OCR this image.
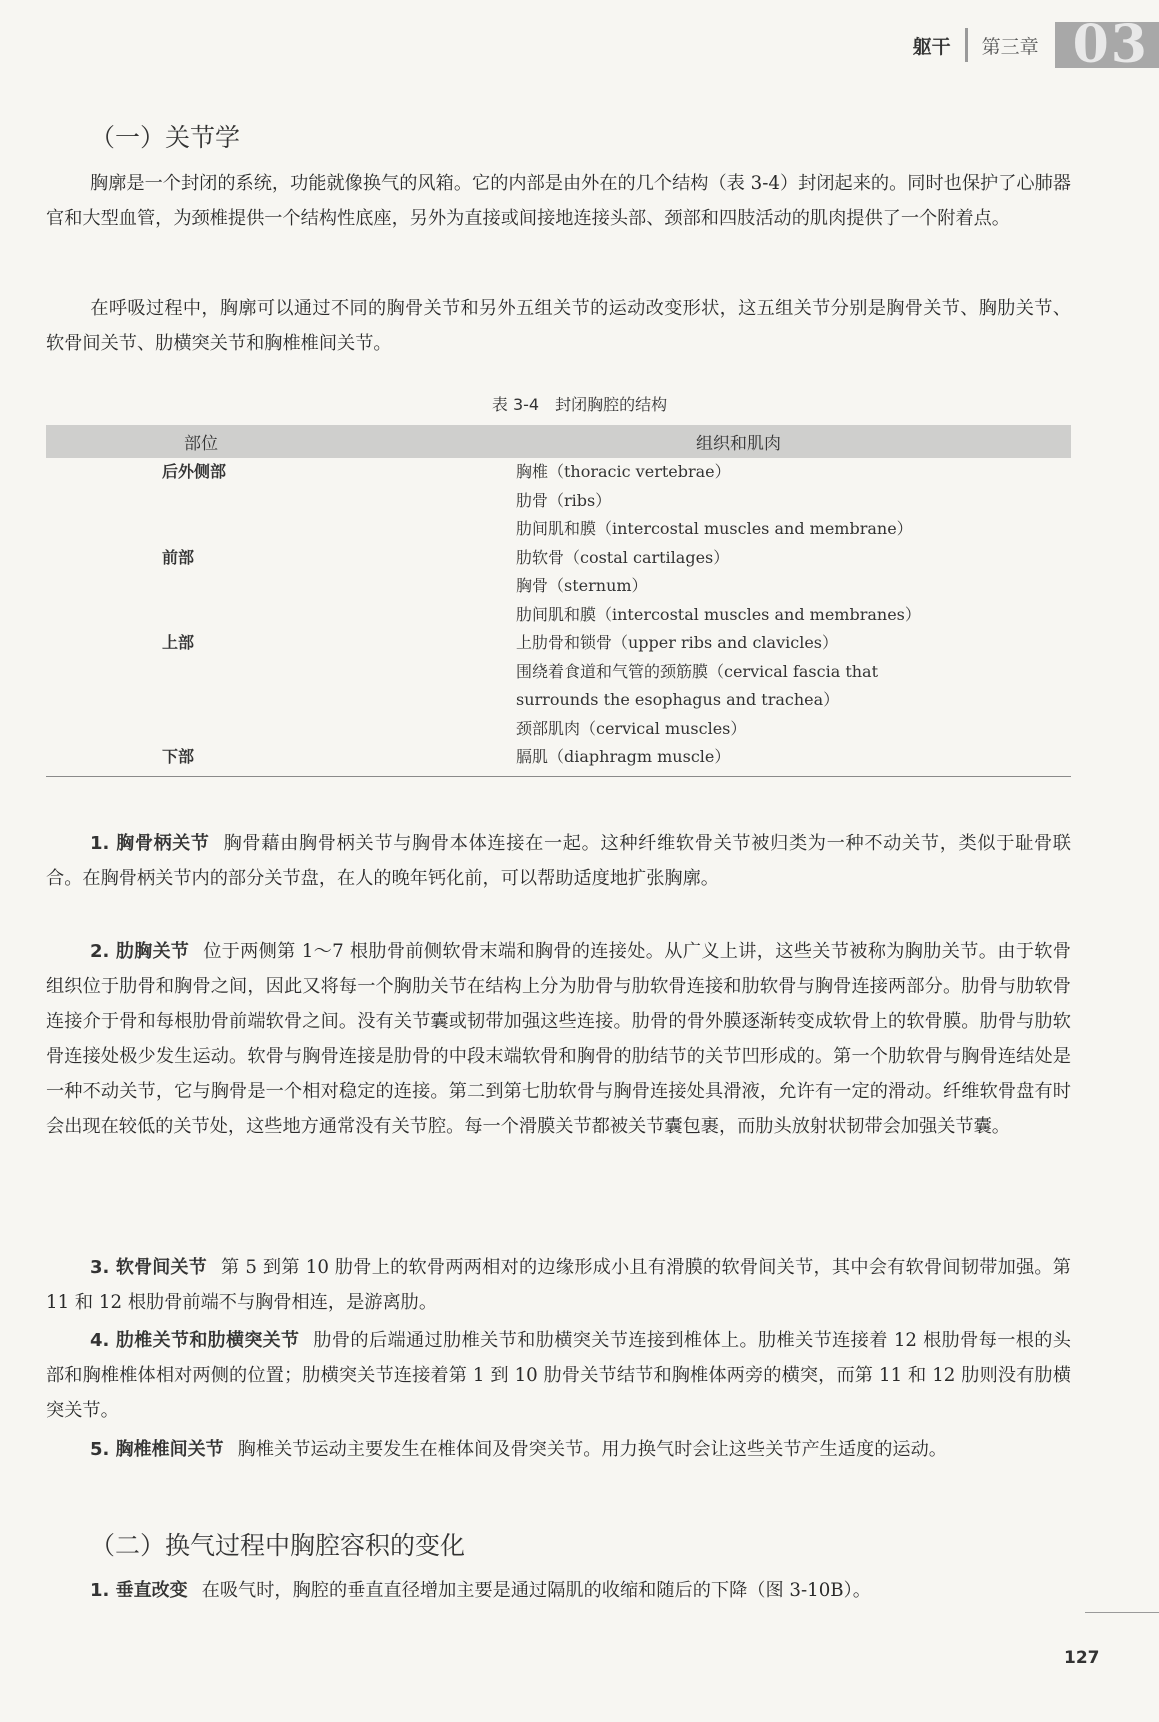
躯干 第三章 03
（一）关节学

胸廓是一个封闭的系统，功能就像换气的风箱。它的内部是由外在的几个结构（表 3-4）封闭起来的。同时也保护了心肺器官和大型血管，为颈椎提供一个结构性底座，另外为直接或间接地连接头部、颈部和四肢活动的肌肉提供了一个附着点。

在呼吸过程中，胸廓可以通过不同的胸骨关节和另外五组关节的运动改变形状，这五组关节分别是胸骨关节、胸肋关节、软骨间关节、肋横突关节和胸椎椎间关节。

表 3-4 封闭胸腔的结构
部位	组织和肌肉
后外侧部	胸椎（thoracic vertebrae）
肋骨（ribs）
肋间肌和膜（intercostal muscles and membrane）
前部	肋软骨（costal cartilages）
胸骨（sternum）
肋间肌和膜（intercostal muscles and membranes）
上部	上肋骨和锁骨（upper ribs and clavicles）
围绕着食道和气管的颈筋膜（cervical fascia that
surrounds the esophagus and trachea）
颈部肌肉（cervical muscles）
下部	膈肌（diaphragm muscle）

1. 胸骨柄关节 胸骨藉由胸骨柄关节与胸骨本体连接在一起。这种纤维软骨关节被归类为一种不动关节，类似于耻骨联合。在胸骨柄关节内的部分关节盘，在人的晚年钙化前，可以帮助适度地扩张胸廓。

2. 肋胸关节 位于两侧第 1～7 根肋骨前侧软骨末端和胸骨的连接处。从广义上讲，这些关节被称为胸肋关节。由于软骨组织位于肋骨和胸骨之间，因此又将每一个胸肋关节在结构上分为肋骨与肋软骨连接和肋软骨与胸骨连接两部分。肋骨与肋软骨连接介于骨和每根肋骨前端软骨之间。没有关节囊或韧带加强这些连接。肋骨的骨外膜逐渐转变成软骨上的软骨膜。肋骨与肋软骨连接处极少发生运动。软骨与胸骨连接是肋骨的中段末端软骨和胸骨的肋结节的关节凹形成的。第一个肋软骨与胸骨连结处是一种不动关节，它与胸骨是一个相对稳定的连接。第二到第七肋软骨与胸骨连接处具滑液，允许有一定的滑动。纤维软骨盘有时会出现在较低的关节处，这些地方通常没有关节腔。每一个滑膜关节都被关节囊包裹，而肋头放射状韧带会加强关节囊。

3. 软骨间关节 第 5 到第 10 肋骨上的软骨两两相对的边缘形成小且有滑膜的软骨间关节，其中会有软骨间韧带加强。第 11 和 12 根肋骨前端不与胸骨相连，是游离肋。

4. 肋椎关节和肋横突关节 肋骨的后端通过肋椎关节和肋横突关节连接到椎体上。肋椎关节连接着 12 根肋骨每一根的头部和胸椎椎体相对两侧的位置；肋横突关节连接着第 1 到 10 肋骨关节结节和胸椎体两旁的横突，而第 11 和 12 肋则没有肋横突关节。

5. 胸椎椎间关节 胸椎关节运动主要发生在椎体间及骨突关节。用力换气时会让这些关节产生适度的运动。

（二）换气过程中胸腔容积的变化

1. 垂直改变 在吸气时，胸腔的垂直直径增加主要是通过隔肌的收缩和随后的下降（图 3-10B）。

127
